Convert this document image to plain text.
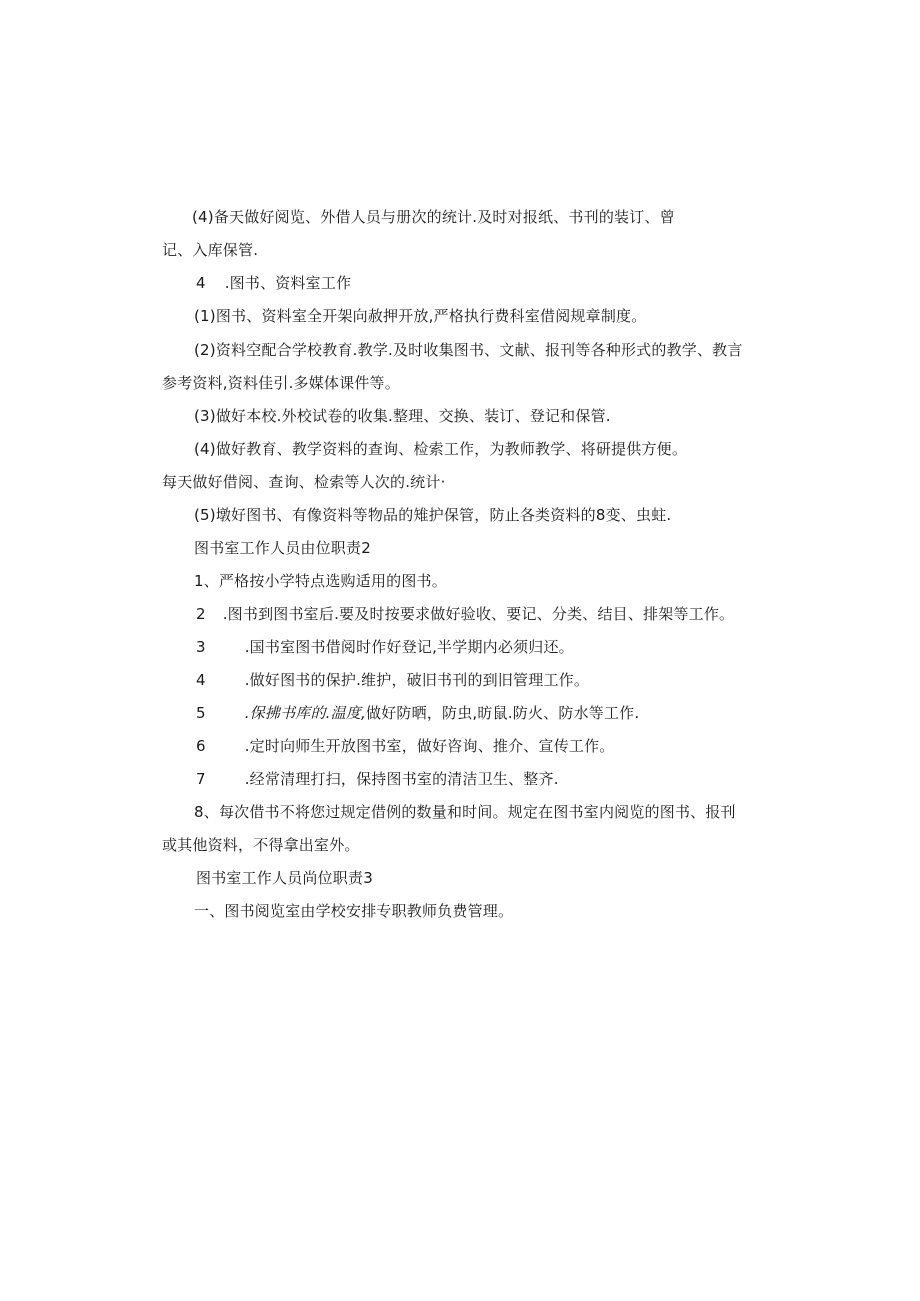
(4)备天做好阅览、外借人员与册次的统计.及时对报纸、书刊的装订、曾
记、入库保管.
4 .图书、资料室工作
(1)图书、资料室全开架向赦押开放,严格执行费科室借阅规章制度。
(2)资料空配合学校教育.教学.及时收集图书、文献、报刊等各种形式的教学、教言
参考资料,资料佳引.多媒体课件等。
(3)做好本校.外校试卷的收集.整理、交换、装订、登记和保管.
(4)做好教育、教学资料的查询、检索工作，为教师教学、将研提供方便。
每天做好借阅、查询、检索等人次的.统计·
(5)墩好图书、有像资料等物品的雉护保管，防止各类资料的8变、虫蛀.
图书室工作人员由位职责2
1、严格按小学特点选购适用的图书。
2 .图书到图书室后.要及时按要求做好验收、要记、分类、结目、排架等工作。
3	.国书室图书借阅时作好登记,半学期内必须归还。
4	.做好图书的保护.维护，破旧书刊的到旧管理工作。
5	.保拂书库的.温度,做好防晒，防虫,昉鼠.防火、防水等工作.
6	.定时向师生开放图书室，做好咨询、推介、宣传工作。
7	.经常清理打扫，保持图书室的清洁卫生、整齐.
8、每次借书不将您过规定借例的数量和时间。规定在图书室内阅览的图书、报刊
或其他资料，不得拿出室外。
图书室工作人员尚位职责3
一、图书阅览室由学校安排专职教师负费管理。
